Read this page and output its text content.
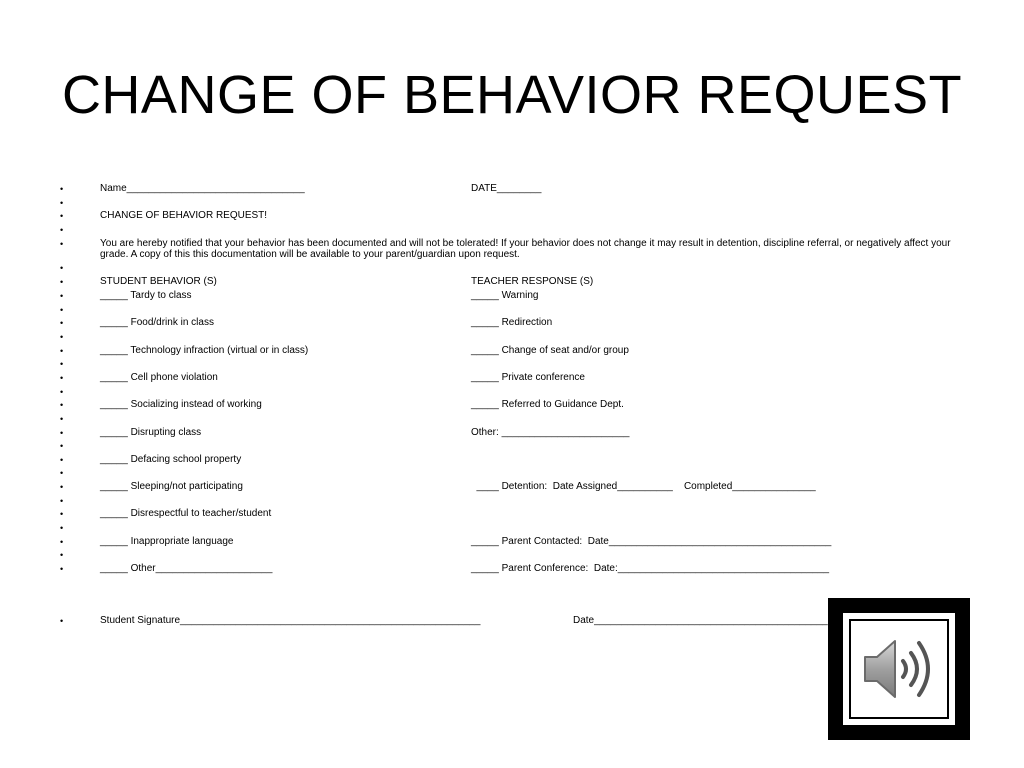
CHANGE OF BEHAVIOR REQUEST
•	Name________________________________	DATE________
•
•	CHANGE OF BEHAVIOR REQUEST!
•
•	You are hereby notified that your behavior has been documented and will not be tolerated! If your behavior does not change it may result in detention, discipline referral, or negatively affect your grade. A copy of this this documentation will be available to your parent/guardian upon request.
•
•	STUDENT BEHAVIOR (S)	TEACHER RESPONSE (S)
•	_____ Tardy to class	_____ Warning
•
•	_____ Food/drink in class	_____ Redirection
•
•	_____ Technology infraction (virtual or in class)	_____ Change of seat and/or group
•
•	_____ Cell phone violation	_____ Private conference
•
•	_____ Socializing instead of working	_____ Referred to Guidance Dept.
•
•	_____ Disrupting class	Other: _______________________
•
•	_____ Defacing school property
•
•	_____ Sleeping/not participating	____ Detention:  Date Assigned__________    Completed_______________
•
•	_____ Disrespectful to teacher/student
•
•	_____ Inappropriate language	_____ Parent Contacted:  Date________________________________________
•
•	_____ Other_____________________	_____ Parent Conference:  Date:______________________________________
•	Student Signature______________________________________________________	Date__________________________________________
